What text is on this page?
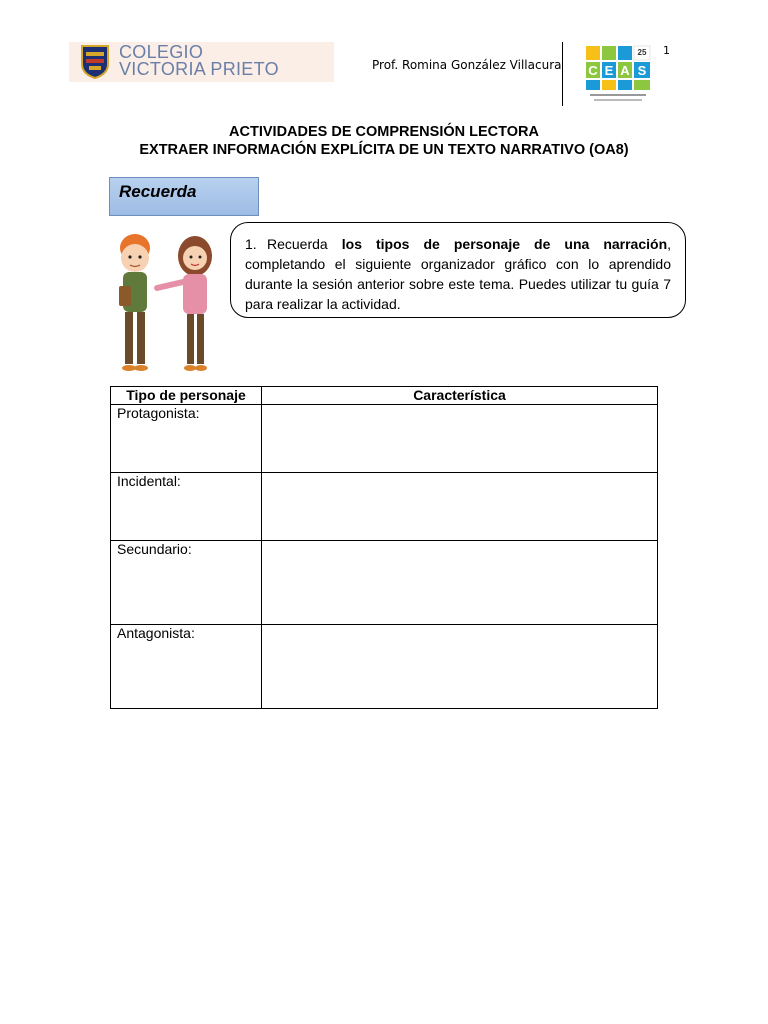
COLEGIO
VICTORIA PRIETO	Prof. Romina González Villacura C E A S
25 1
ACTIVIDADES DE COMPRENSIÓN LECTORA
EXTRAER INFORMACIÓN EXPLÍCITA DE UN TEXTO NARRATIVO (OA8)
Recuerda
1. Recuerda los tipos de personaje de una narración, completando el siguiente organizador gráfico con lo aprendido durante la sesión anterior sobre este tema. Puedes utilizar tu guía 7 para realizar la actividad.
Tipo de personaje	Característica
Protagonista:	
Incidental:	
Secundario:	
Antagonista:	
